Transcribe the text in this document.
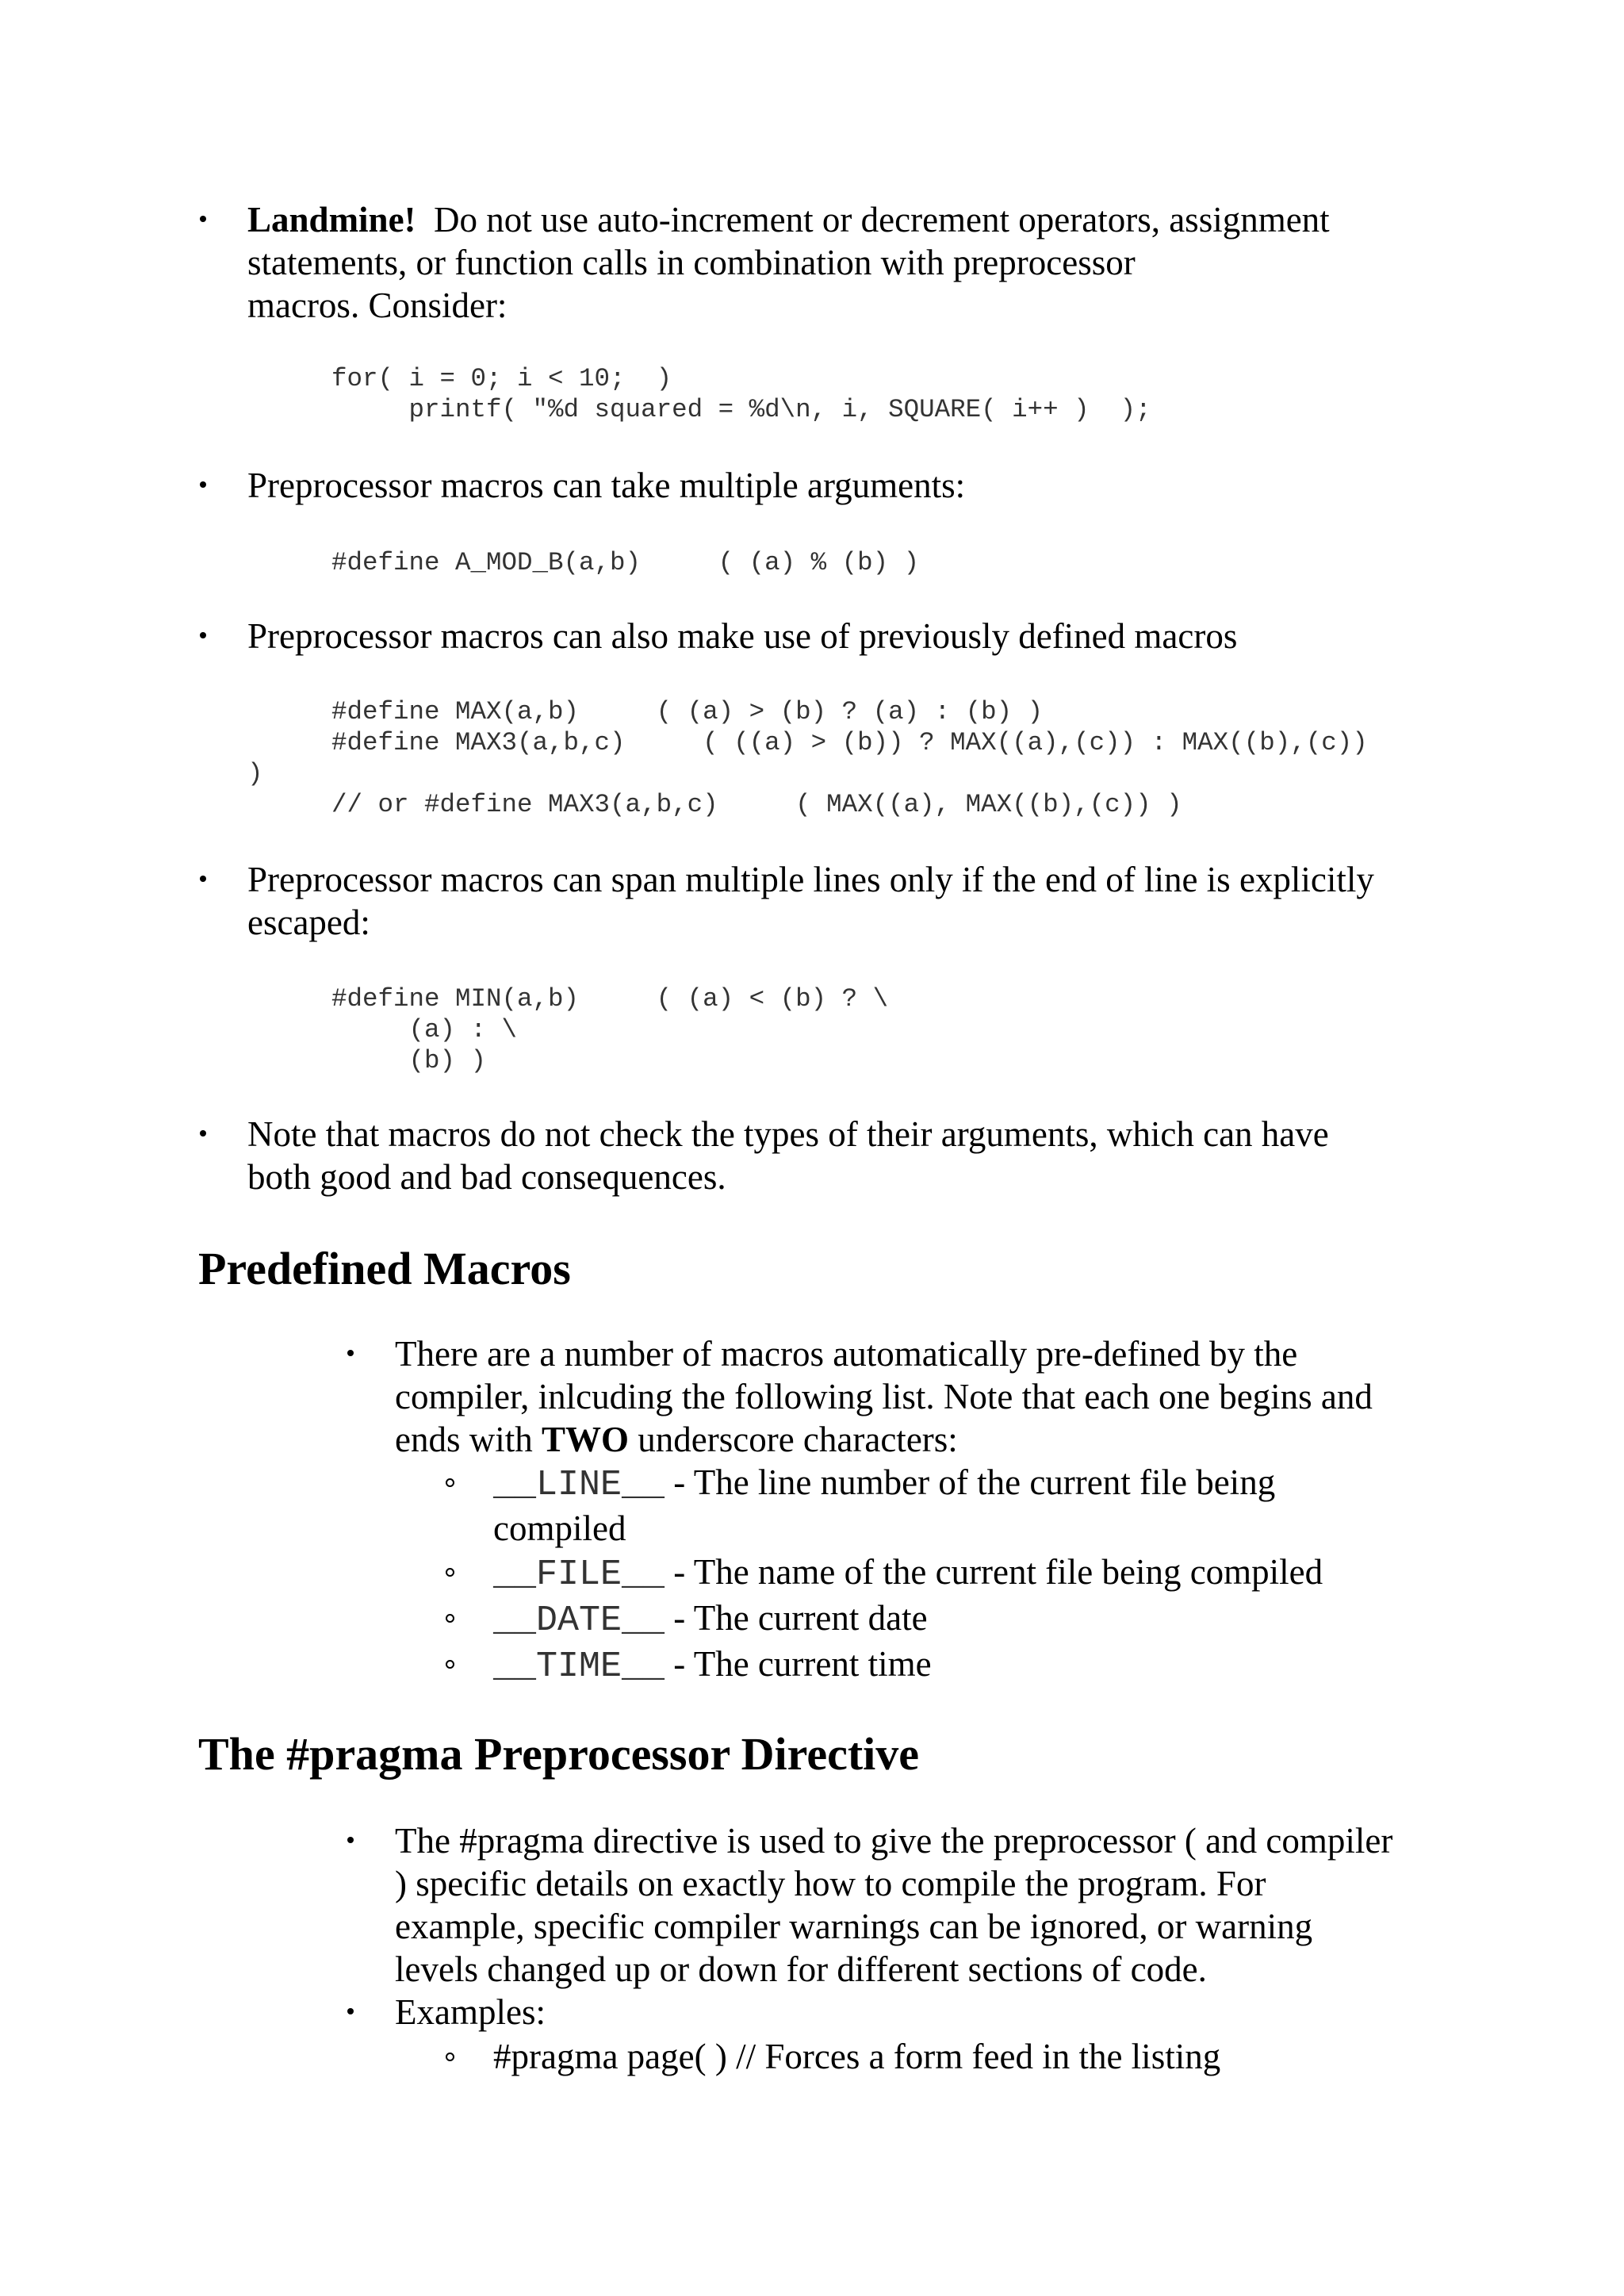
Landmine! Do not use auto-increment or decrement operators, assignment
statements, or function calls in combination with preprocessor
macros. Consider:
for( i = 0; i < 10;  )
printf( "%d squared = %d\n, i, SQUARE( i++ )  );
Preprocessor macros can take multiple arguments:
#define A_MOD_B(a,b)     ( (a) % (b) )
Preprocessor macros can also make use of previously defined macros
#define MAX(a,b)     ( (a) > (b) ? (a) : (b) )
#define MAX3(a,b,c)     ( ((a) > (b)) ? MAX((a),(c)) : MAX((b),(c))
)
// or #define MAX3(a,b,c)     ( MAX((a), MAX((b),(c)) )
Preprocessor macros can span multiple lines only if the end of line is explicitly
escaped:
#define MIN(a,b)     ( (a) < (b) ? \
(a) : \
(b) )
Note that macros do not check the types of their arguments, which can have
both good and bad consequences.
Predefined Macros
There are a number of macros automatically pre-defined by the
compiler, inlcuding the following list. Note that each one begins and
ends with TWO underscore characters:
__LINE__ - The line number of the current file being
compiled
__FILE__ - The name of the current file being compiled
__DATE__ - The current date
__TIME__ - The current time
The #pragma Preprocessor Directive
The #pragma directive is used to give the preprocessor ( and compiler
) specific details on exactly how to compile the program. For
example, specific compiler warnings can be ignored, or warning
levels changed up or down for different sections of code.
Examples:
#pragma page( ) // Forces a form feed in the listing
